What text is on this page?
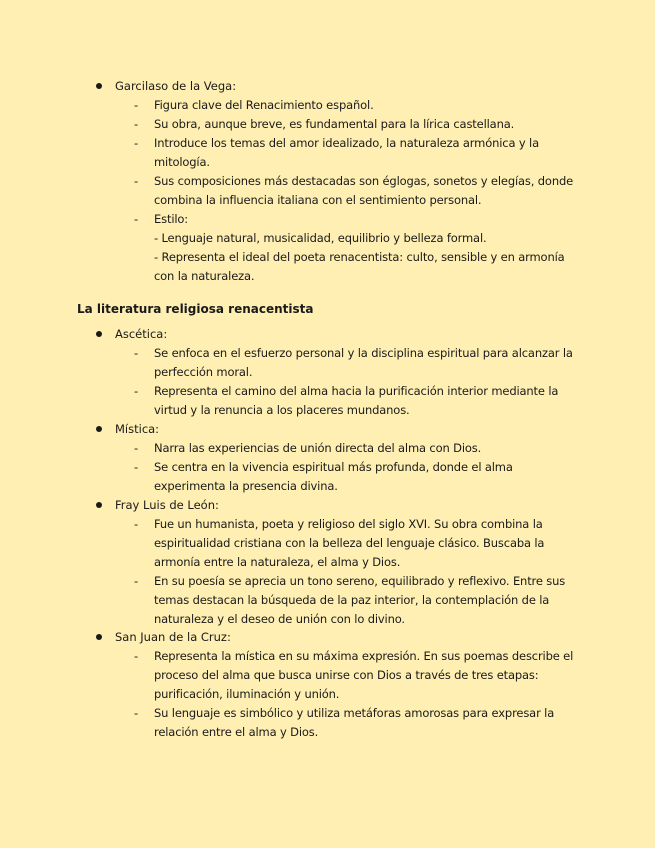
Garcilaso de la Vega:
- Figura clave del Renacimiento español.
- Su obra, aunque breve, es fundamental para la lírica castellana.
- Introduce los temas del amor idealizado, la naturaleza armónica y la mitología.
- Sus composiciones más destacadas son églogas, sonetos y elegías, donde combina la influencia italiana con el sentimiento personal.
- Estilo:
- Lenguaje natural, musicalidad, equilibrio y belleza formal.
- Representa el ideal del poeta renacentista: culto, sensible y en armonía con la naturaleza.
La literatura religiosa renacentista
Ascética:
- Se enfoca en el esfuerzo personal y la disciplina espiritual para alcanzar la perfección moral.
- Representa el camino del alma hacia la purificación interior mediante la virtud y la renuncia a los placeres mundanos.
Mística:
- Narra las experiencias de unión directa del alma con Dios.
- Se centra en la vivencia espiritual más profunda, donde el alma experimenta la presencia divina.
Fray Luis de León:
- Fue un humanista, poeta y religioso del siglo XVI. Su obra combina la espiritualidad cristiana con la belleza del lenguaje clásico. Buscaba la armonía entre la naturaleza, el alma y Dios.
- En su poesía se aprecia un tono sereno, equilibrado y reflexivo. Entre sus temas destacan la búsqueda de la paz interior, la contemplación de la naturaleza y el deseo de unión con lo divino.
San Juan de la Cruz:
- Representa la mística en su máxima expresión. En sus poemas describe el proceso del alma que busca unirse con Dios a través de tres etapas: purificación, iluminación y unión.
- Su lenguaje es simbólico y utiliza metáforas amorosas para expresar la relación entre el alma y Dios.
